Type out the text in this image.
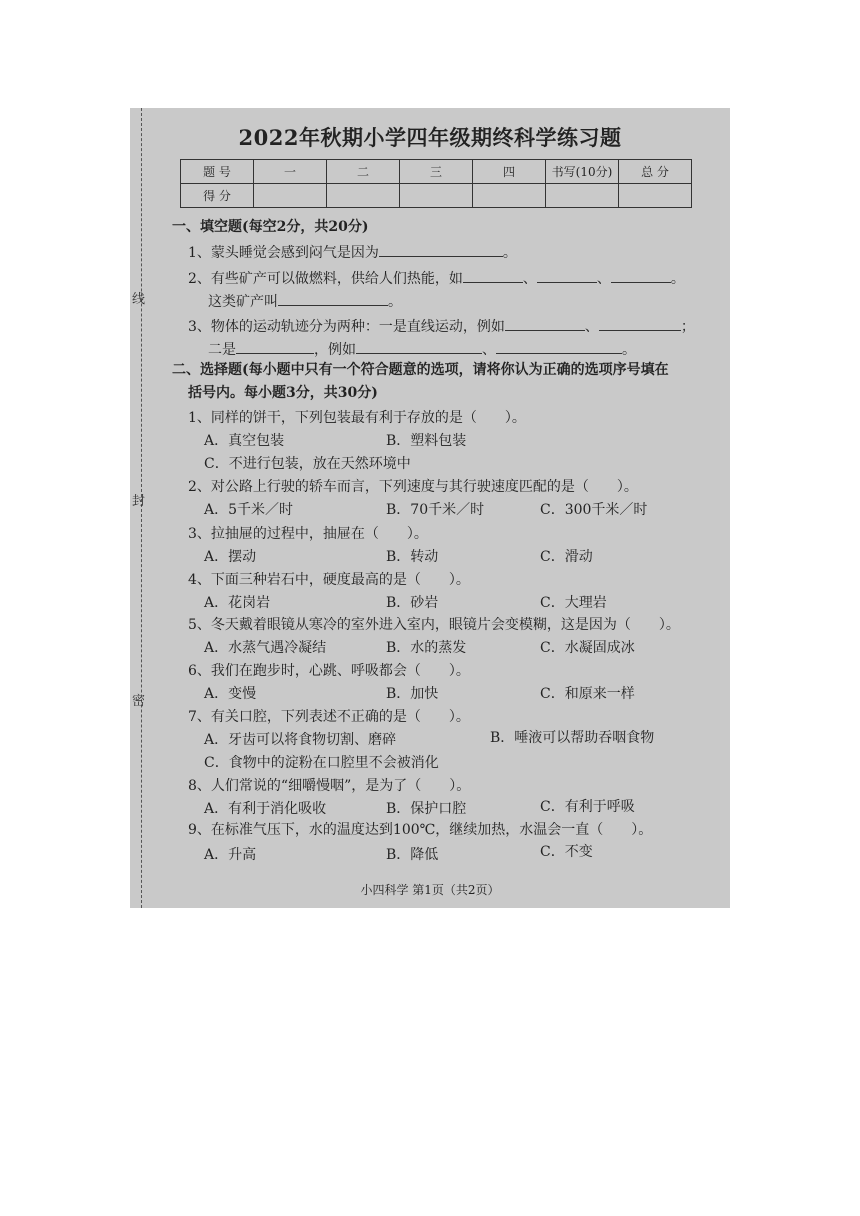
线
封
密
2022年秋期小学四年级期终科学练习题
题 号	一	二	三	四	书写(10分)	总 分
得 分						
一、填空题(每空2分，共20分)
1、蒙头睡觉会感到闷气是因为	。
2、有些矿产可以做燃料，供给人们热能，如	、	、	。
这类矿产叫	。
3、物体的运动轨迹分为两种：一是直线运动，例如	、	；
二是	，例如	、	。
二、选择题(每小题中只有一个符合题意的选项，请将你认为正确的选项序号填在
括号内。每小题3分，共30分)
1、同样的饼干，下列包装最有利于存放的是（　　）。
A．真空包装	B．塑料包装
C．不进行包装，放在天然环境中
2、对公路上行驶的轿车而言，下列速度与其行驶速度匹配的是（　　）。
A．5千米／时	B．70千米／时	C．300千米／时
3、拉抽屉的过程中，抽屉在（　　）。
A．摆动	B．转动	C．滑动
4、下面三种岩石中，硬度最高的是（　　）。
A．花岗岩	B．砂岩	C．大理岩
5、冬天戴着眼镜从寒冷的室外进入室内，眼镜片会变模糊，这是因为（　　）。
A．水蒸气遇冷凝结	B．水的蒸发	C．水凝固成冰
6、我们在跑步时，心跳、呼吸都会（　　）。
A．变慢	B．加快	C．和原来一样
7、有关口腔，下列表述不正确的是（　　）。
A．牙齿可以将食物切割、磨碎	B．唾液可以帮助吞咽食物
C．食物中的淀粉在口腔里不会被消化
8、人们常说的“细嚼慢咽”，是为了（　　）。
A．有利于消化吸收	B．保护口腔	C．有利于呼吸
9、在标准气压下，水的温度达到100℃，继续加热，水温会一直（　　）。
A．升高	B．降低	C．不变
小四科学 第1页（共2页）
